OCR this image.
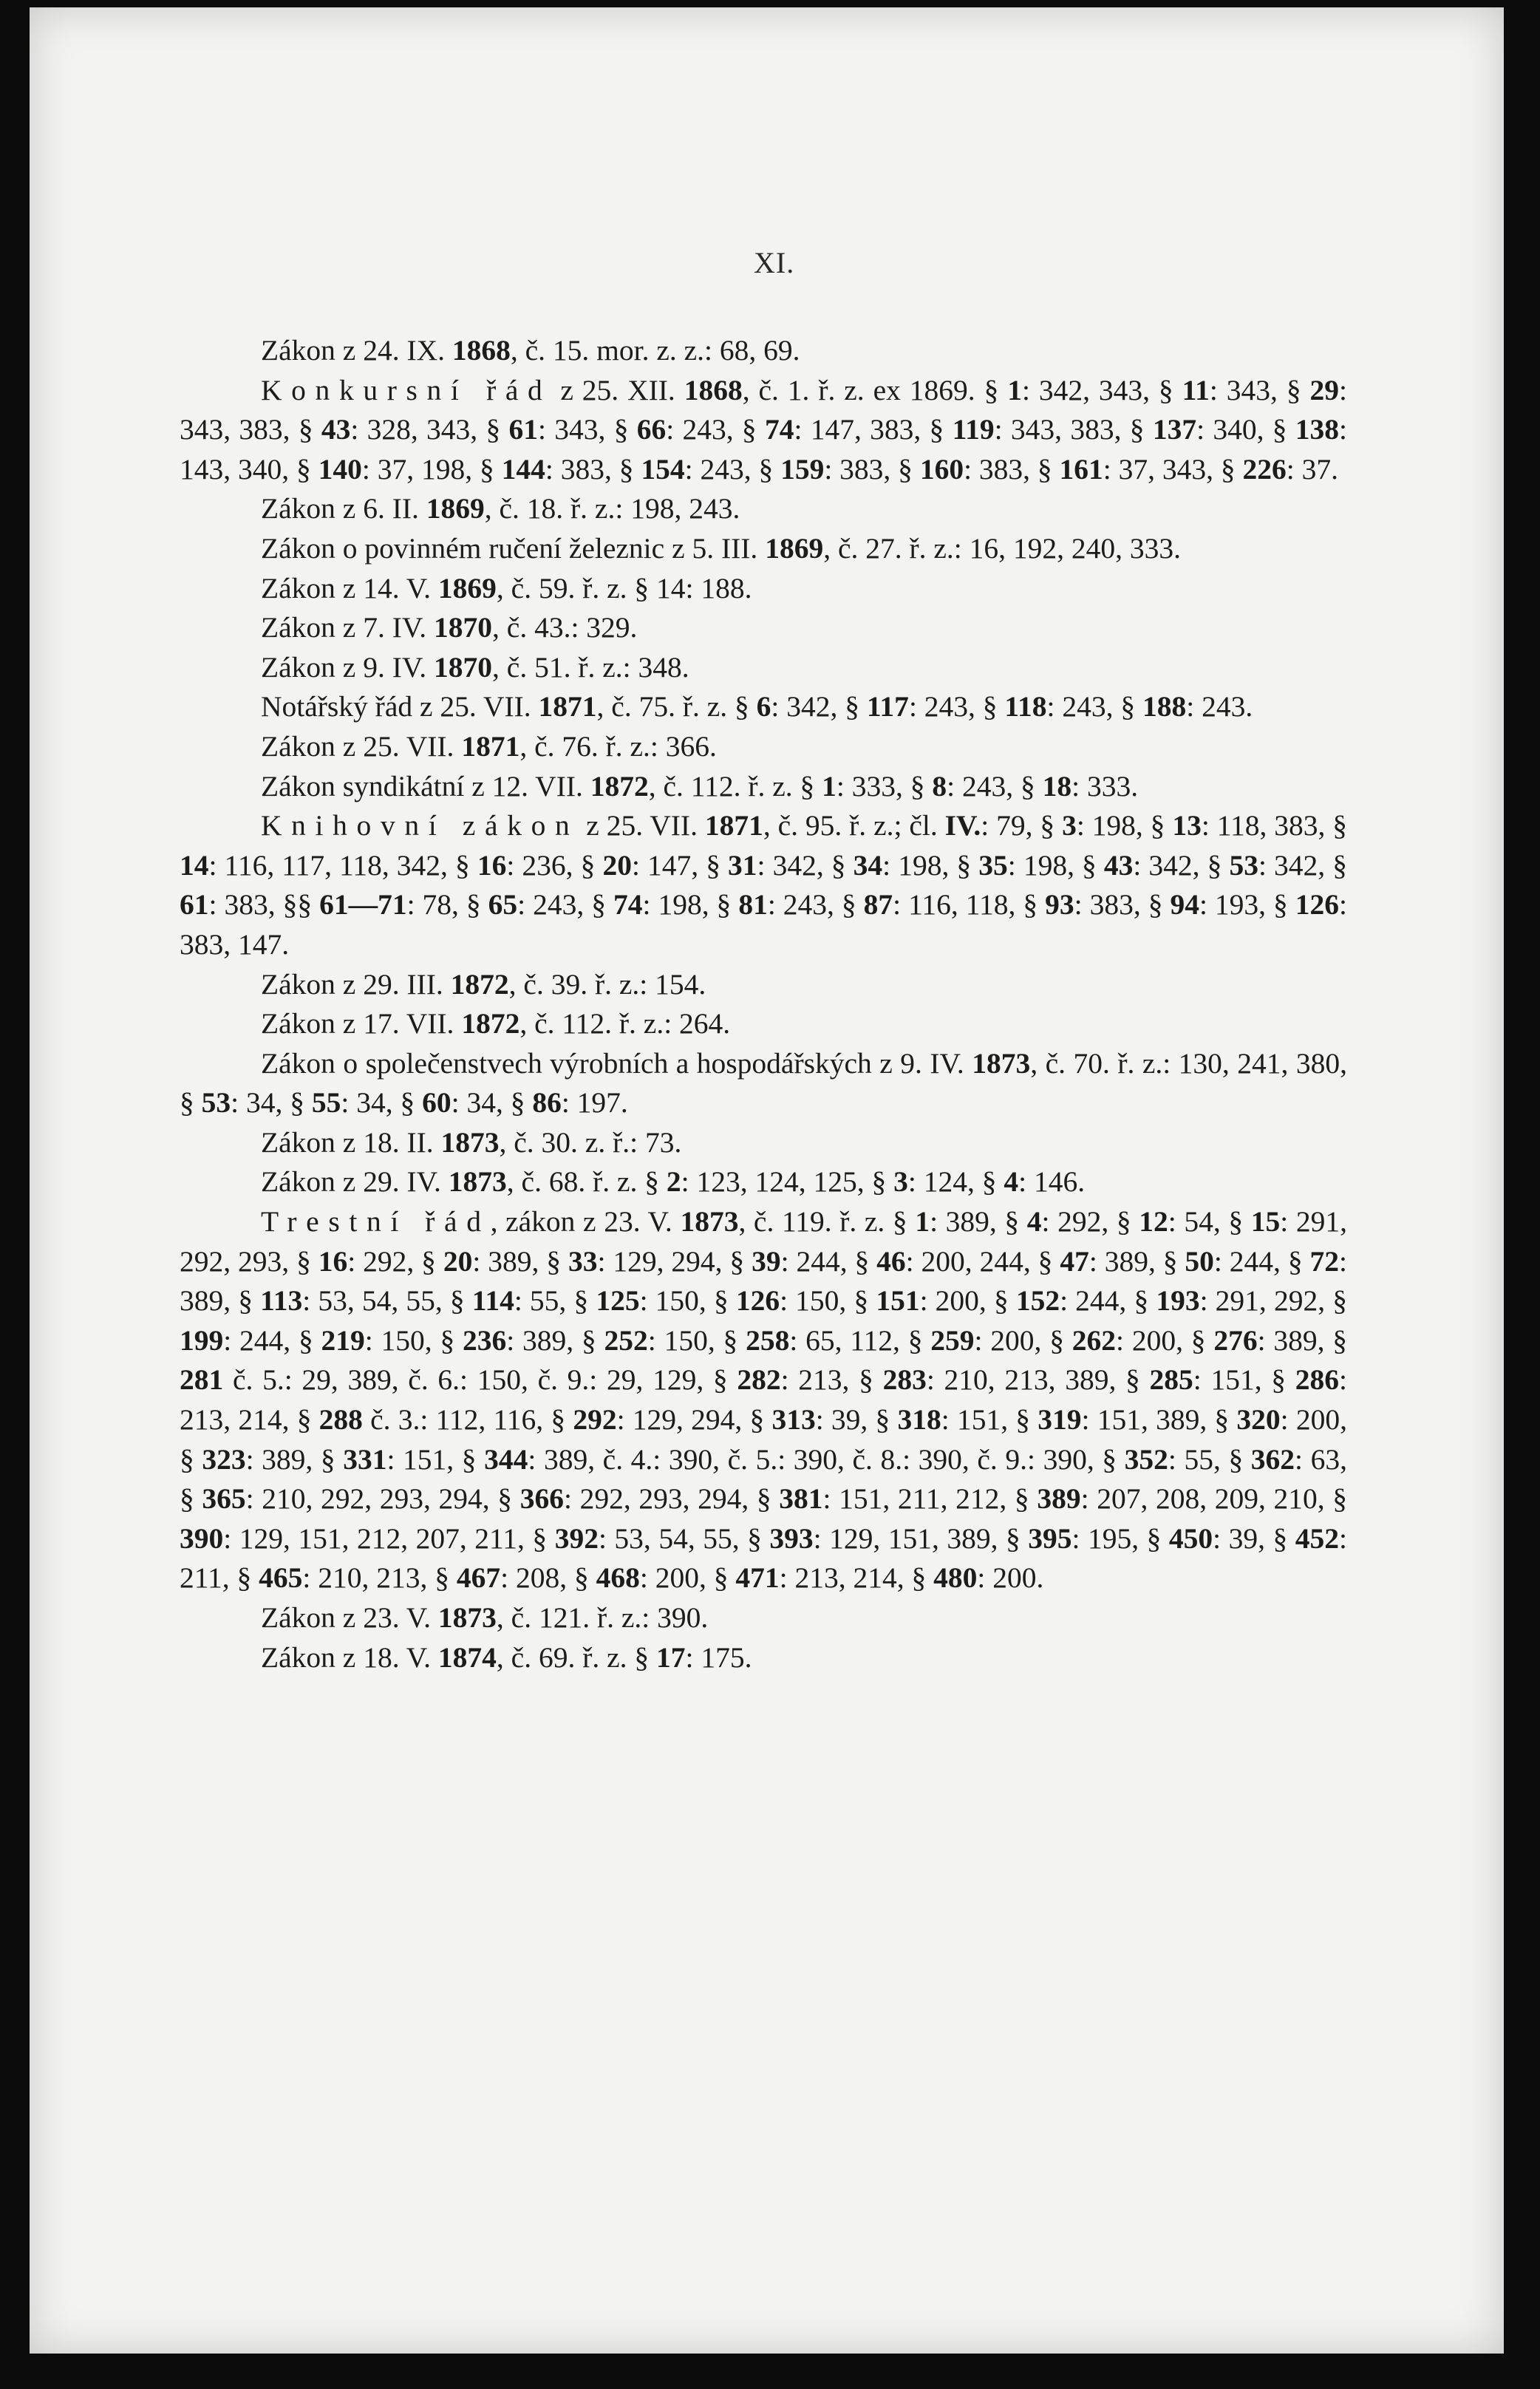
XI.

Zákon z 24. IX. 1868, č. 15. mor. z. z.: 68, 69.

Konkursní řád z 25. XII. 1868, č. 1. ř. z. ex 1869. § 1: 342, 343, § 11: 343, § 29: 343, 383, § 43: 328, 343, § 61: 343, § 66: 243, § 74: 147, 383, § 119: 343, 383, § 137: 340, § 138: 143, 340, § 140: 37, 198, § 144: 383, § 154: 243, § 159: 383, § 160: 383, § 161: 37, 343, § 226: 37.

Zákon z 6. II. 1869, č. 18. ř. z.: 198, 243.

Zákon o povinném ručení železnic z 5. III. 1869, č. 27. ř. z.: 16, 192, 240, 333.

Zákon z 14. V. 1869, č. 59. ř. z. § 14: 188.

Zákon z 7. IV. 1870, č. 43.: 329.

Zákon z 9. IV. 1870, č. 51. ř. z.: 348.

Notářský řád z 25. VII. 1871, č. 75. ř. z. § 6: 342, § 117: 243, § 118: 243, § 188: 243.

Zákon z 25. VII. 1871, č. 76. ř. z.: 366.

Zákon syndikátní z 12. VII. 1872, č. 112. ř. z. § 1: 333, § 8: 243, § 18: 333.

Knihovní zákon z 25. VII. 1871, č. 95. ř. z.; čl. IV.: 79, § 3: 198, § 13: 118, 383, § 14: 116, 117, 118, 342, § 16: 236, § 20: 147, § 31: 342, § 34: 198, § 35: 198, § 43: 342, § 53: 342, § 61: 383, §§ 61—71: 78, § 65: 243, § 74: 198, § 81: 243, § 87: 116, 118, § 93: 383, § 94: 193, § 126: 383, 147.

Zákon z 29. III. 1872, č. 39. ř. z.: 154.

Zákon z 17. VII. 1872, č. 112. ř. z.: 264.

Zákon o společenstvech výrobních a hospodářských z 9. IV. 1873, č. 70. ř. z.: 130, 241, 380, § 53: 34, § 55: 34, § 60: 34, § 86: 197.

Zákon z 18. II. 1873, č. 30. z. ř.: 73.

Zákon z 29. IV. 1873, č. 68. ř. z. § 2: 123, 124, 125, § 3: 124, § 4: 146.

Trestní řád, zákon z 23. V. 1873, č. 119. ř. z. § 1: 389, § 4: 292, § 12: 54, § 15: 291, 292, 293, § 16: 292, § 20: 389, § 33: 129, 294, § 39: 244, § 46: 200, 244, § 47: 389, § 50: 244, § 72: 389, § 113: 53, 54, 55, § 114: 55, § 125: 150, § 126: 150, § 151: 200, § 152: 244, § 193: 291, 292, § 199: 244, § 219: 150, § 236: 389, § 252: 150, § 258: 65, 112, § 259: 200, § 262: 200, § 276: 389, § 281 č. 5.: 29, 389, č. 6.: 150, č. 9.: 29, 129, § 282: 213, § 283: 210, 213, 389, § 285: 151, § 286: 213, 214, § 288 č. 3.: 112, 116, § 292: 129, 294, § 313: 39, § 318: 151, § 319: 151, 389, § 320: 200, § 323: 389, § 331: 151, § 344: 389, č. 4.: 390, č. 5.: 390, č. 8.: 390, č. 9.: 390, § 352: 55, § 362: 63, § 365: 210, 292, 293, 294, § 366: 292, 293, 294, § 381: 151, 211, 212, § 389: 207, 208, 209, 210, § 390: 129, 151, 212, 207, 211, § 392: 53, 54, 55, § 393: 129, 151, 389, § 395: 195, § 450: 39, § 452: 211, § 465: 210, 213, § 467: 208, § 468: 200, § 471: 213, 214, § 480: 200.

Zákon z 23. V. 1873, č. 121. ř. z.: 390.

Zákon z 18. V. 1874, č. 69. ř. z. § 17: 175.
